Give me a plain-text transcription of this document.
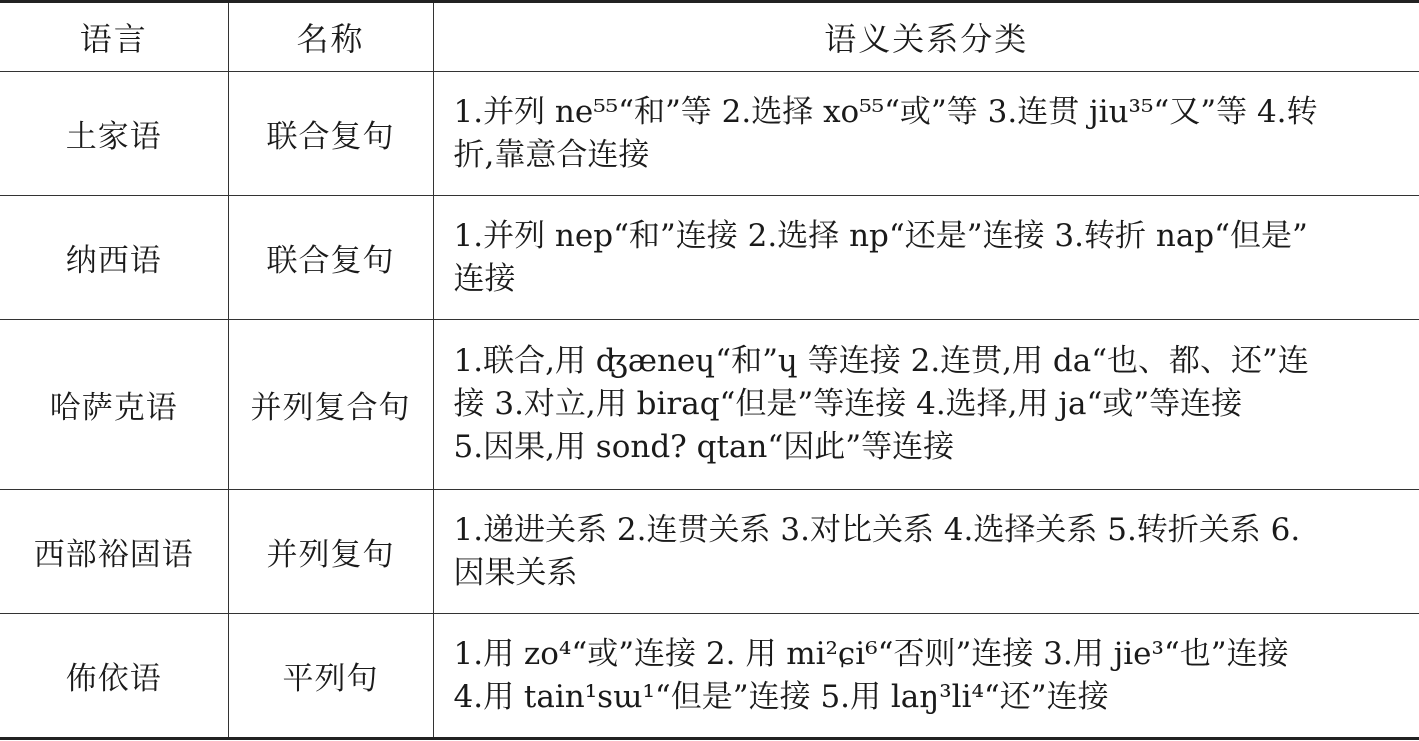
语言	名称	语义关系分类
土家语	联合复句	1.并列 ne⁵⁵“和”等 2.选择 xo⁵⁵“或”等 3.连贯 jiu³⁵“又”等 4.转
折,靠意合连接

纳西语	联合复句	1.并列 nep“和”连接 2.选择 np“还是”连接 3.转折 nap“但是”
连接

哈萨克语	并列复合句	1.联合,用 ʤæneɥ“和”ɥ 等连接 2.连贯,用 da“也、都、还”连
接 3.对立,用 biraq“但是”等连接 4.选择,用 ja“或”等连接
5.因果,用 sond? qtan“因此”等连接

西部裕固语	并列复句	1.递进关系 2.连贯关系 3.对比关系 4.选择关系 5.转折关系 6.
因果关系

佈依语	平列句	1.用 zo⁴“或”连接 2. 用 mi²ɕi⁶“否则”连接 3.用 jie³“也”连接
4.用 tain¹sɯ¹“但是”连接 5.用 laŋ³li⁴“还”连接
